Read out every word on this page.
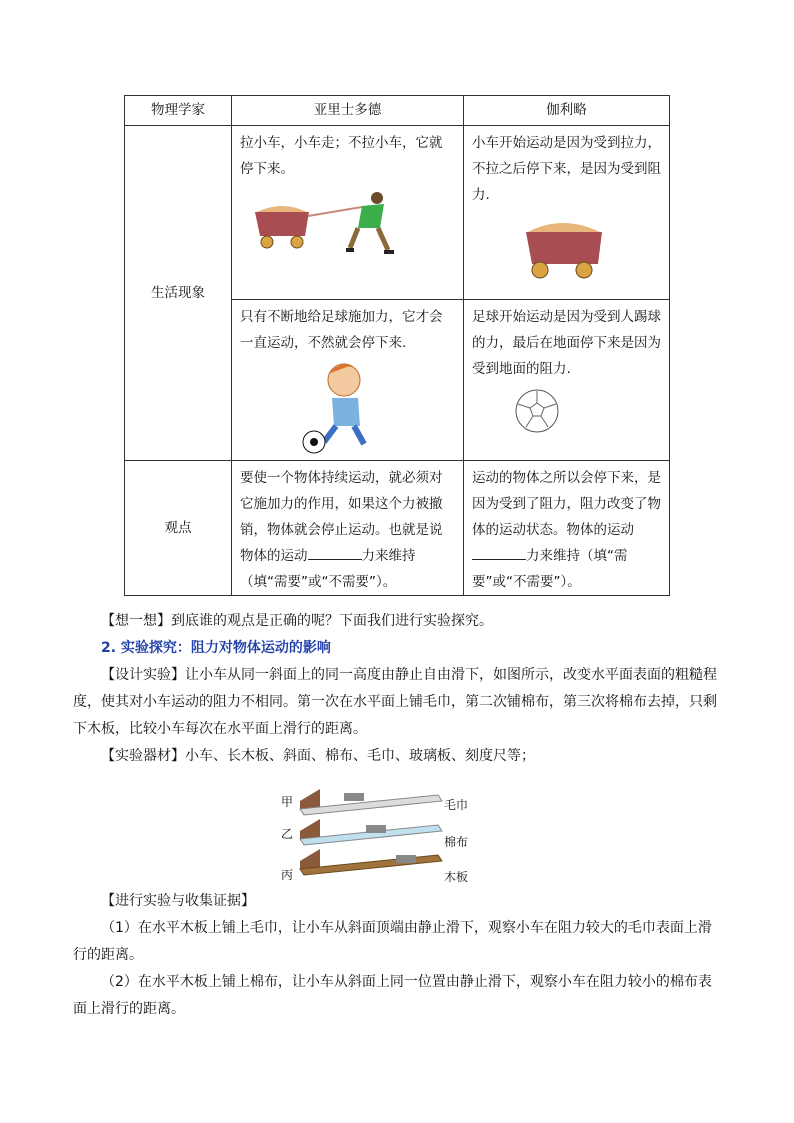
物理学家	亚里士多德	伽利略
生活现象	拉小车，小车走；不拉小车，它就停下来。	小车开始运动是因为受到拉力，不拉之后停下来，是因为受到阻力.

	只有不断地给足球施加力，它才会一直运动，不然就会停下来.	足球开始运动是因为受到人踢球的力，最后在地面停下来是因为受到地面的阻力.

观点	要使一个物体持续运动，就必须对它施加力的作用，如果这个力被撤销，物体就会停止运动。也就是说物体的运动 力来维持（填“需要”或“不需要”）。	运动的物体之所以会停下来，是因为受到了阻力，阻力改变了物体的运动状态。物体的运动力来维持（填“需要”或“不需要”）。
【想一想】到底谁的观点是正确的呢？下面我们进行实验探究。
2. 实验探究：阻力对物体运动的影响
【设计实验】让小车从同一斜面上的同一高度由静止自由滑下，如图所示，改变水平面表面的粗糙程度，使其对小车运动的阻力不相同。第一次在水平面上铺毛巾，第二次铺棉布，第三次将棉布去掉，只剩下木板，比较小车每次在水平面上滑行的距离。
【实验器材】小车、长木板、斜面、棉布、毛巾、玻璃板、刻度尺等；
甲	毛巾
乙
棉布
丙	木板
【进行实验与收集证据】
（1）在水平木板上铺上毛巾，让小车从斜面顶端由静止滑下，观察小车在阻力较大的毛巾表面上滑行的距离。
（2）在水平木板上铺上棉布，让小车从斜面上同一位置由静止滑下，观察小车在阻力较小的棉布表面上滑行的距离。
